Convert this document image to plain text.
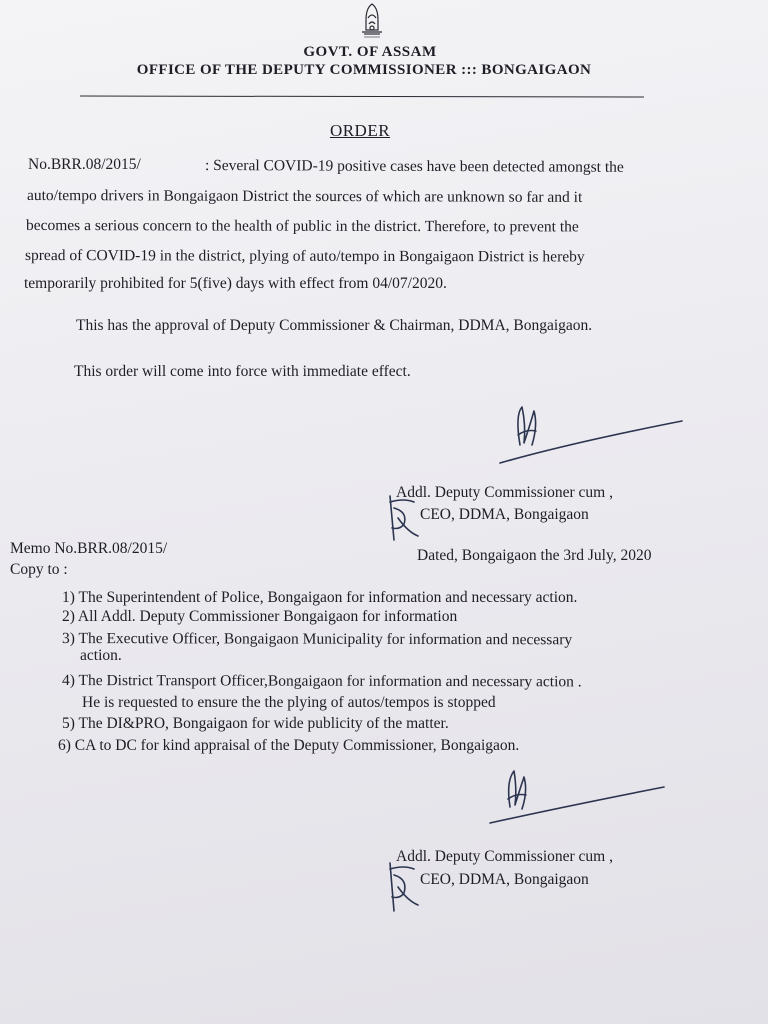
GOVT. OF ASSAM
OFFICE OF THE DEPUTY COMMISSIONER ::: BONGAIGAON
ORDER
No.BRR.08/2015/	: Several COVID-19 positive cases have been detected amongst the
auto/tempo drivers in Bongaigaon District the sources of which are unknown so far and it
becomes a serious concern to the health of public in the district. Therefore, to prevent the
spread of COVID-19 in the district, plying of auto/tempo in Bongaigaon District is hereby
temporarily prohibited for 5(five) days with effect from 04/07/2020.
This has the approval of Deputy Commissioner & Chairman, DDMA, Bongaigaon.
This order will come into force with immediate effect.
Addl. Deputy Commissioner cum ,
CEO, DDMA, Bongaigaon
Memo No.BRR.08/2015/	Dated, Bongaigaon the 3rd July, 2020
Copy to :
1) The Superintendent of Police, Bongaigaon for information and necessary action.
2) All Addl. Deputy Commissioner Bongaigaon for information
3) The Executive Officer, Bongaigaon Municipality for information and necessary
action.
4) The District Transport Officer,Bongaigaon for information and necessary action .
He is requested to ensure the the plying of autos/tempos is stopped
5) The DI&PRO, Bongaigaon for wide publicity of the matter.
6) CA to DC for kind appraisal of the Deputy Commissioner, Bongaigaon.
Addl. Deputy Commissioner cum ,
CEO, DDMA, Bongaigaon
